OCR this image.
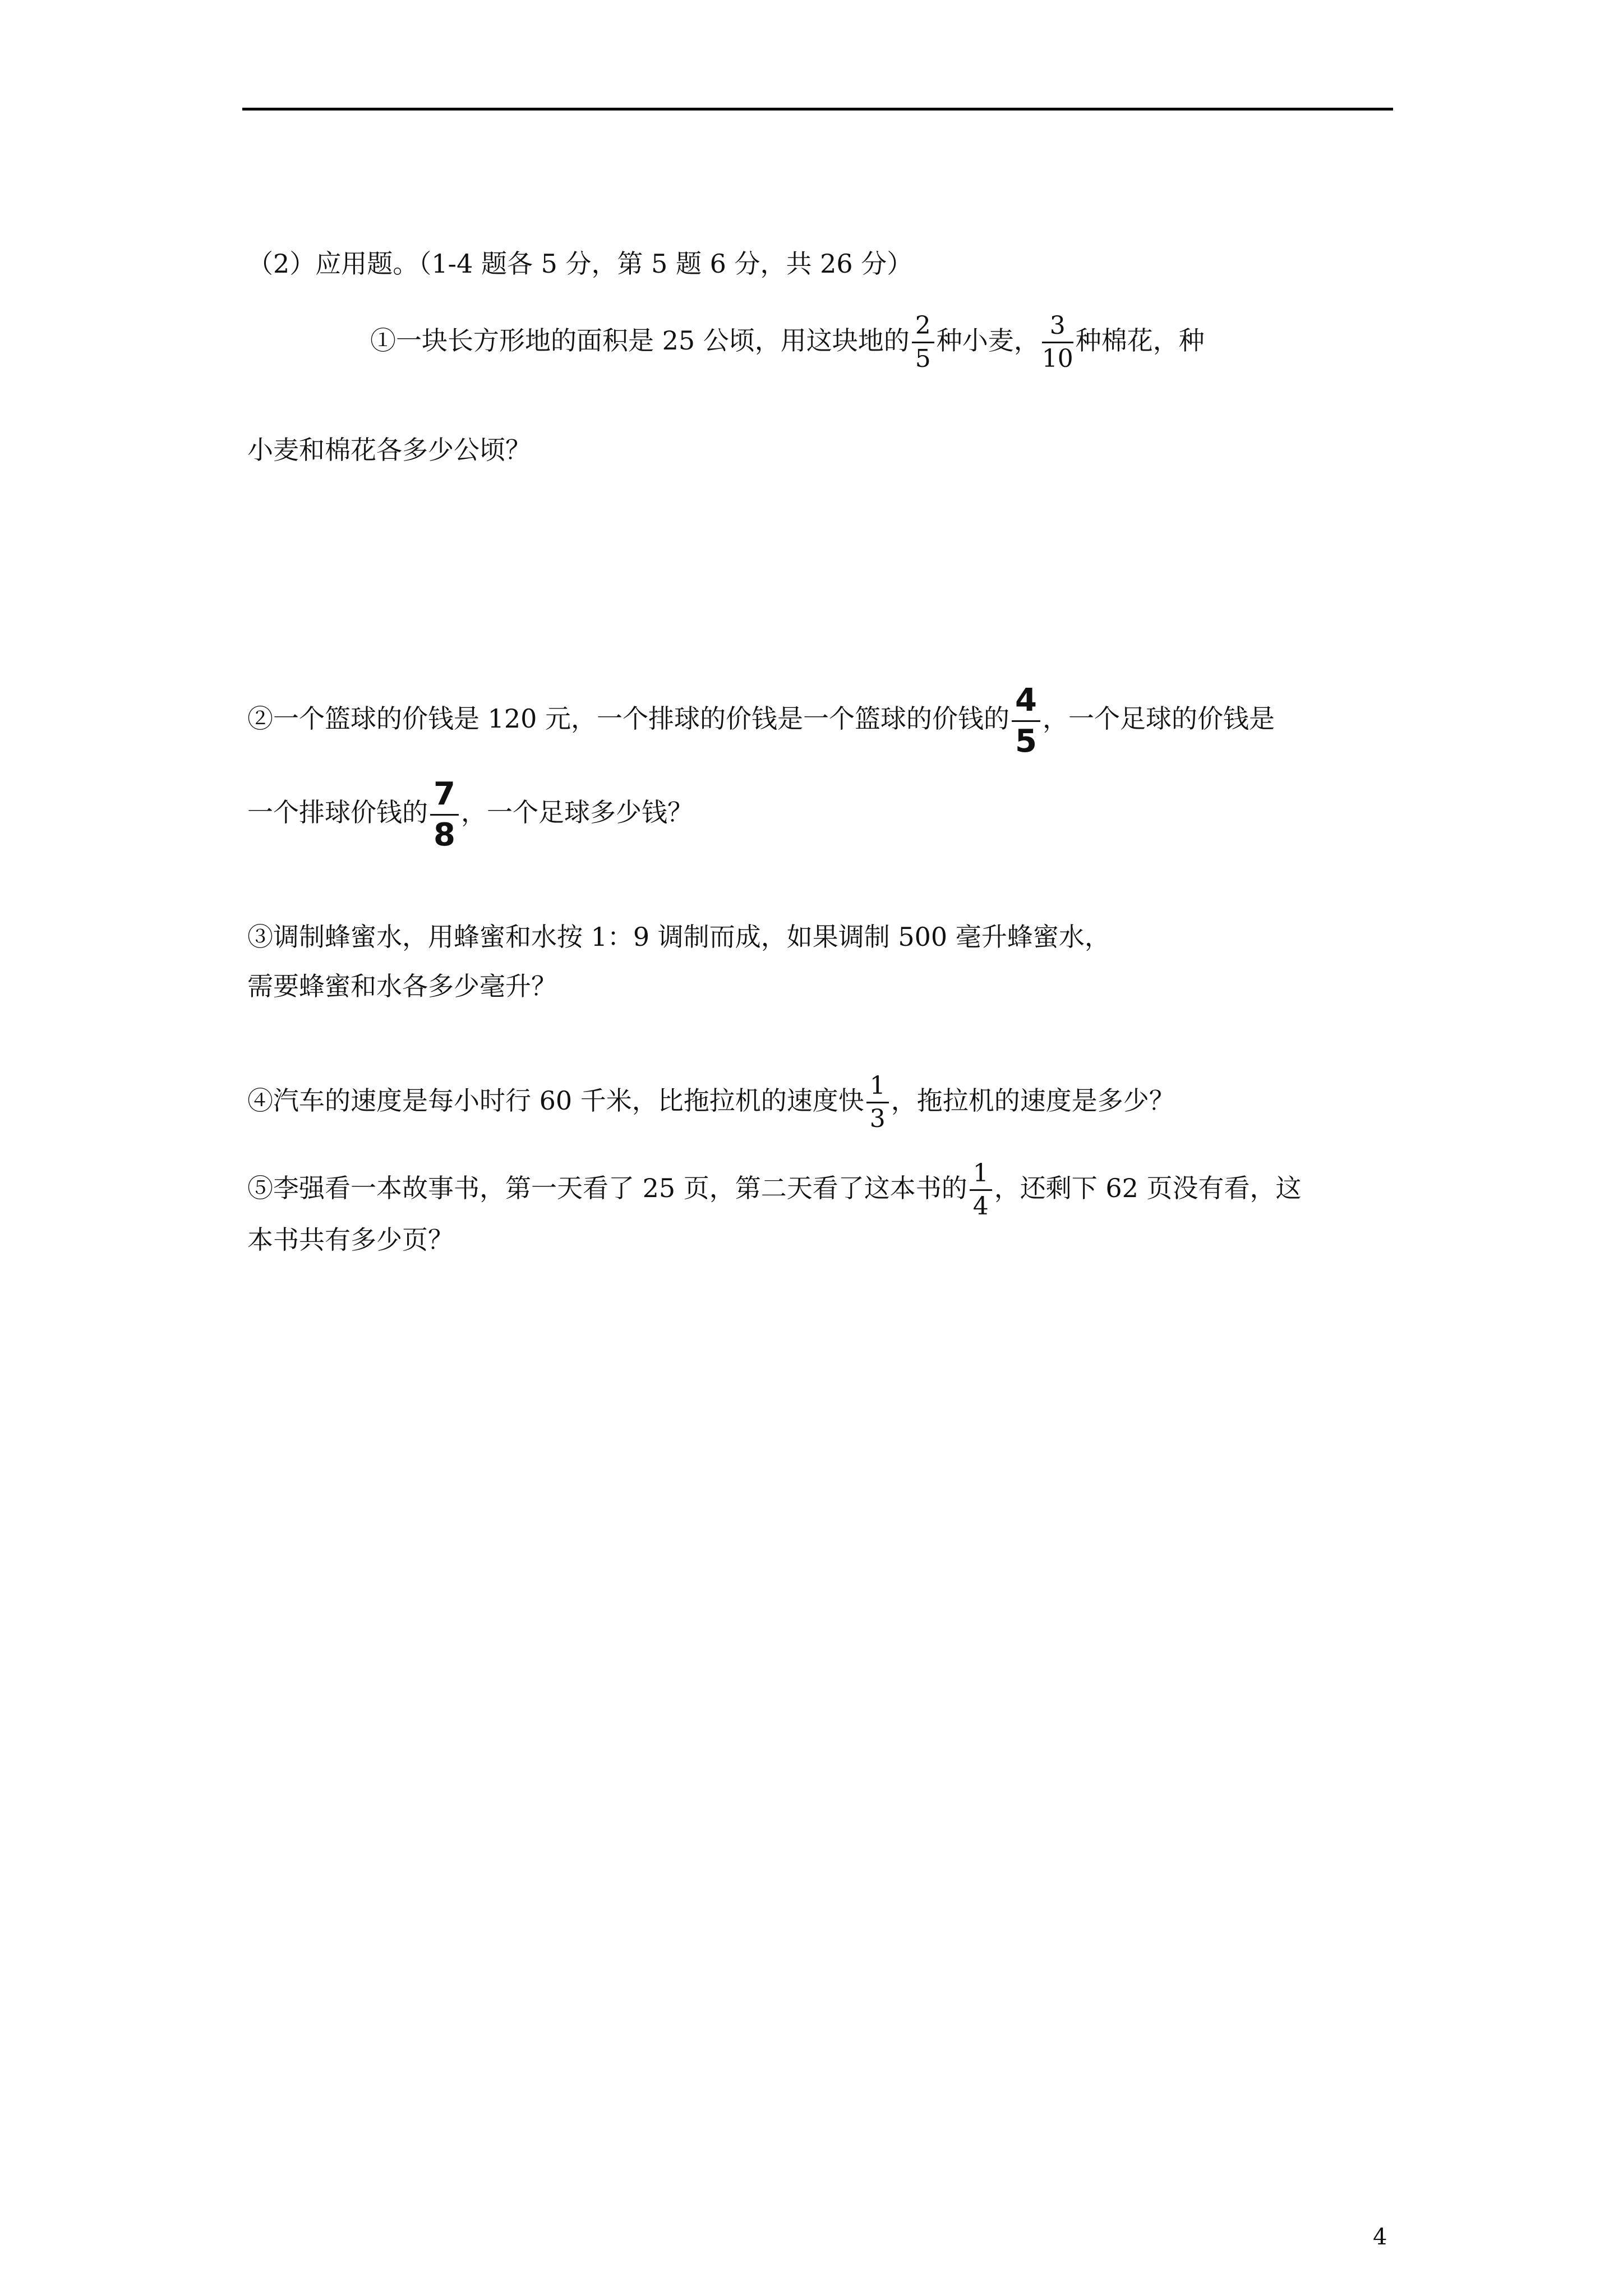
（2）应用题。（1-4 题各 5 分，第 5 题 6 分，共 26 分）
①一块长方形地的面积是 25 公顷，用这块地的 $\frac{2}{5}$ 种小麦， $\frac{3}{10}$ 种棉花，种
小麦和棉花各多少公顷？
②一个篮球的价钱是 120 元，一个排球的价钱是一个篮球的价钱的 $\frac{4}{5}$ ，一个足球的价钱是
一个排球价钱的 $\frac{7}{8}$ ，一个足球多少钱？
③调制蜂蜜水，用蜂蜜和水按 1：9 调制而成，如果调制 500 毫升蜂蜜水，
需要蜂蜜和水各多少毫升？
④汽车的速度是每小时行 60 千米，比拖拉机的速度快 $\frac{1}{3}$ ，拖拉机的速度是多少？
⑤李强看一本故事书，第一天看了 25 页，第二天看了这本书的 $\frac{1}{4}$ ，还剩下 62 页没有看，这
本书共有多少页？
4
